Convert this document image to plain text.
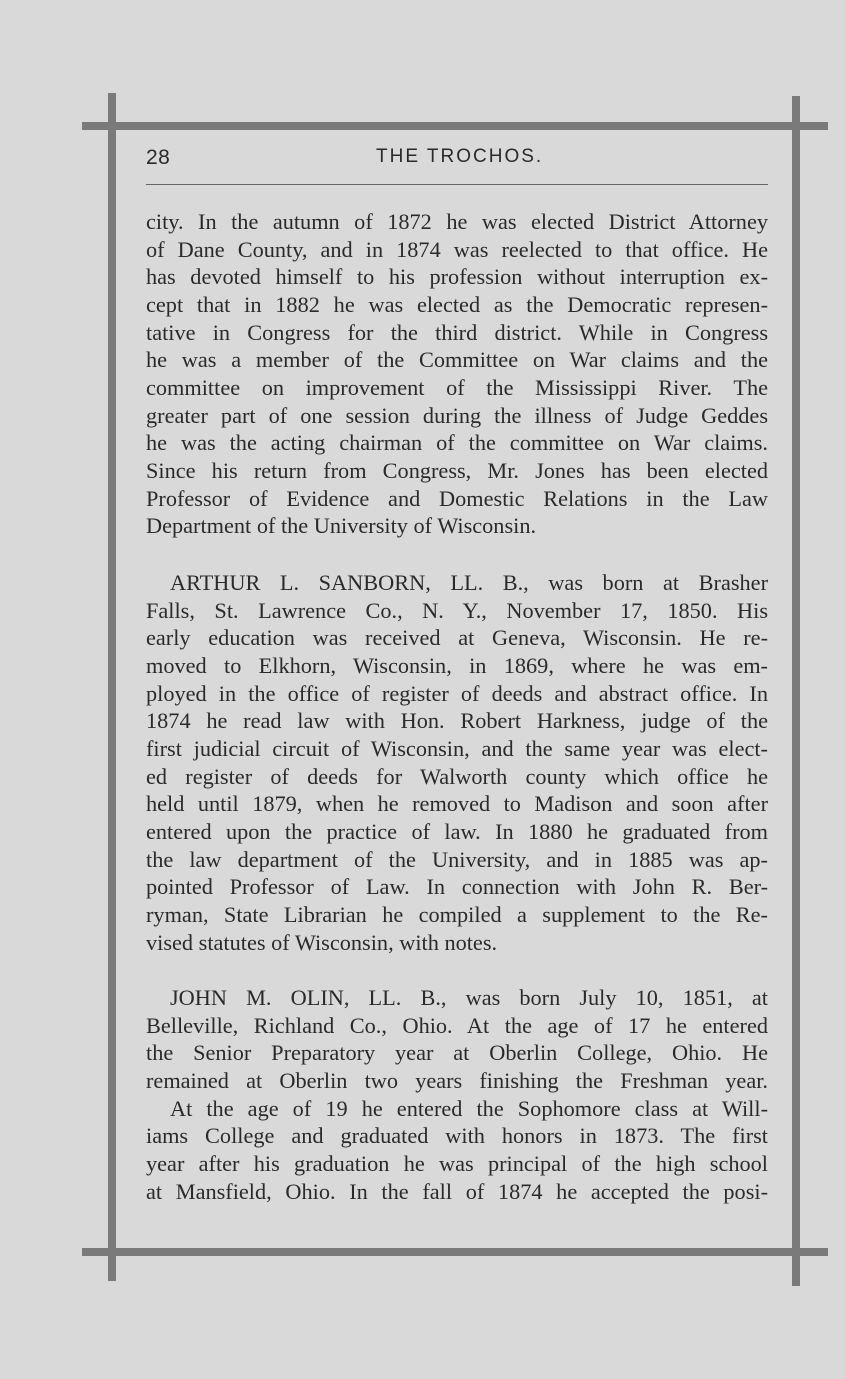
28	THE TROCHOS.
city. In the autumn of 1872 he was elected District Attorney
of Dane County, and in 1874 was reelected to that office. He
has devoted himself to his profession without interruption ex-
cept that in 1882 he was elected as the Democratic represen-
tative in Congress for the third district. While in Congress
he was a member of the Committee on War claims and the
committee on improvement of the Mississippi River. The
greater part of one session during the illness of Judge Geddes
he was the acting chairman of the committee on War claims.
Since his return from Congress, Mr. Jones has been elected
Professor of Evidence and Domestic Relations in the Law
Department of the University of Wisconsin.
ARTHUR L. SANBORN, LL. B., was born at Brasher
Falls, St. Lawrence Co., N. Y., November 17, 1850. His
early education was received at Geneva, Wisconsin. He re-
moved to Elkhorn, Wisconsin, in 1869, where he was em-
ployed in the office of register of deeds and abstract office. In
1874 he read law with Hon. Robert Harkness, judge of the
first judicial circuit of Wisconsin, and the same year was elect-
ed register of deeds for Walworth county which office he
held until 1879, when he removed to Madison and soon after
entered upon the practice of law. In 1880 he graduated from
the law department of the University, and in 1885 was ap-
pointed Professor of Law. In connection with John R. Ber-
ryman, State Librarian he compiled a supplement to the Re-
vised statutes of Wisconsin, with notes.
JOHN M. OLIN, LL. B., was born July 10, 1851, at
Belleville, Richland Co., Ohio. At the age of 17 he entered
the Senior Preparatory year at Oberlin College, Ohio. He
remained at Oberlin two years finishing the Freshman year.
At the age of 19 he entered the Sophomore class at Will-
iams College and graduated with honors in 1873. The first
year after his graduation he was principal of the high school
at Mansfield, Ohio. In the fall of 1874 he accepted the posi-
